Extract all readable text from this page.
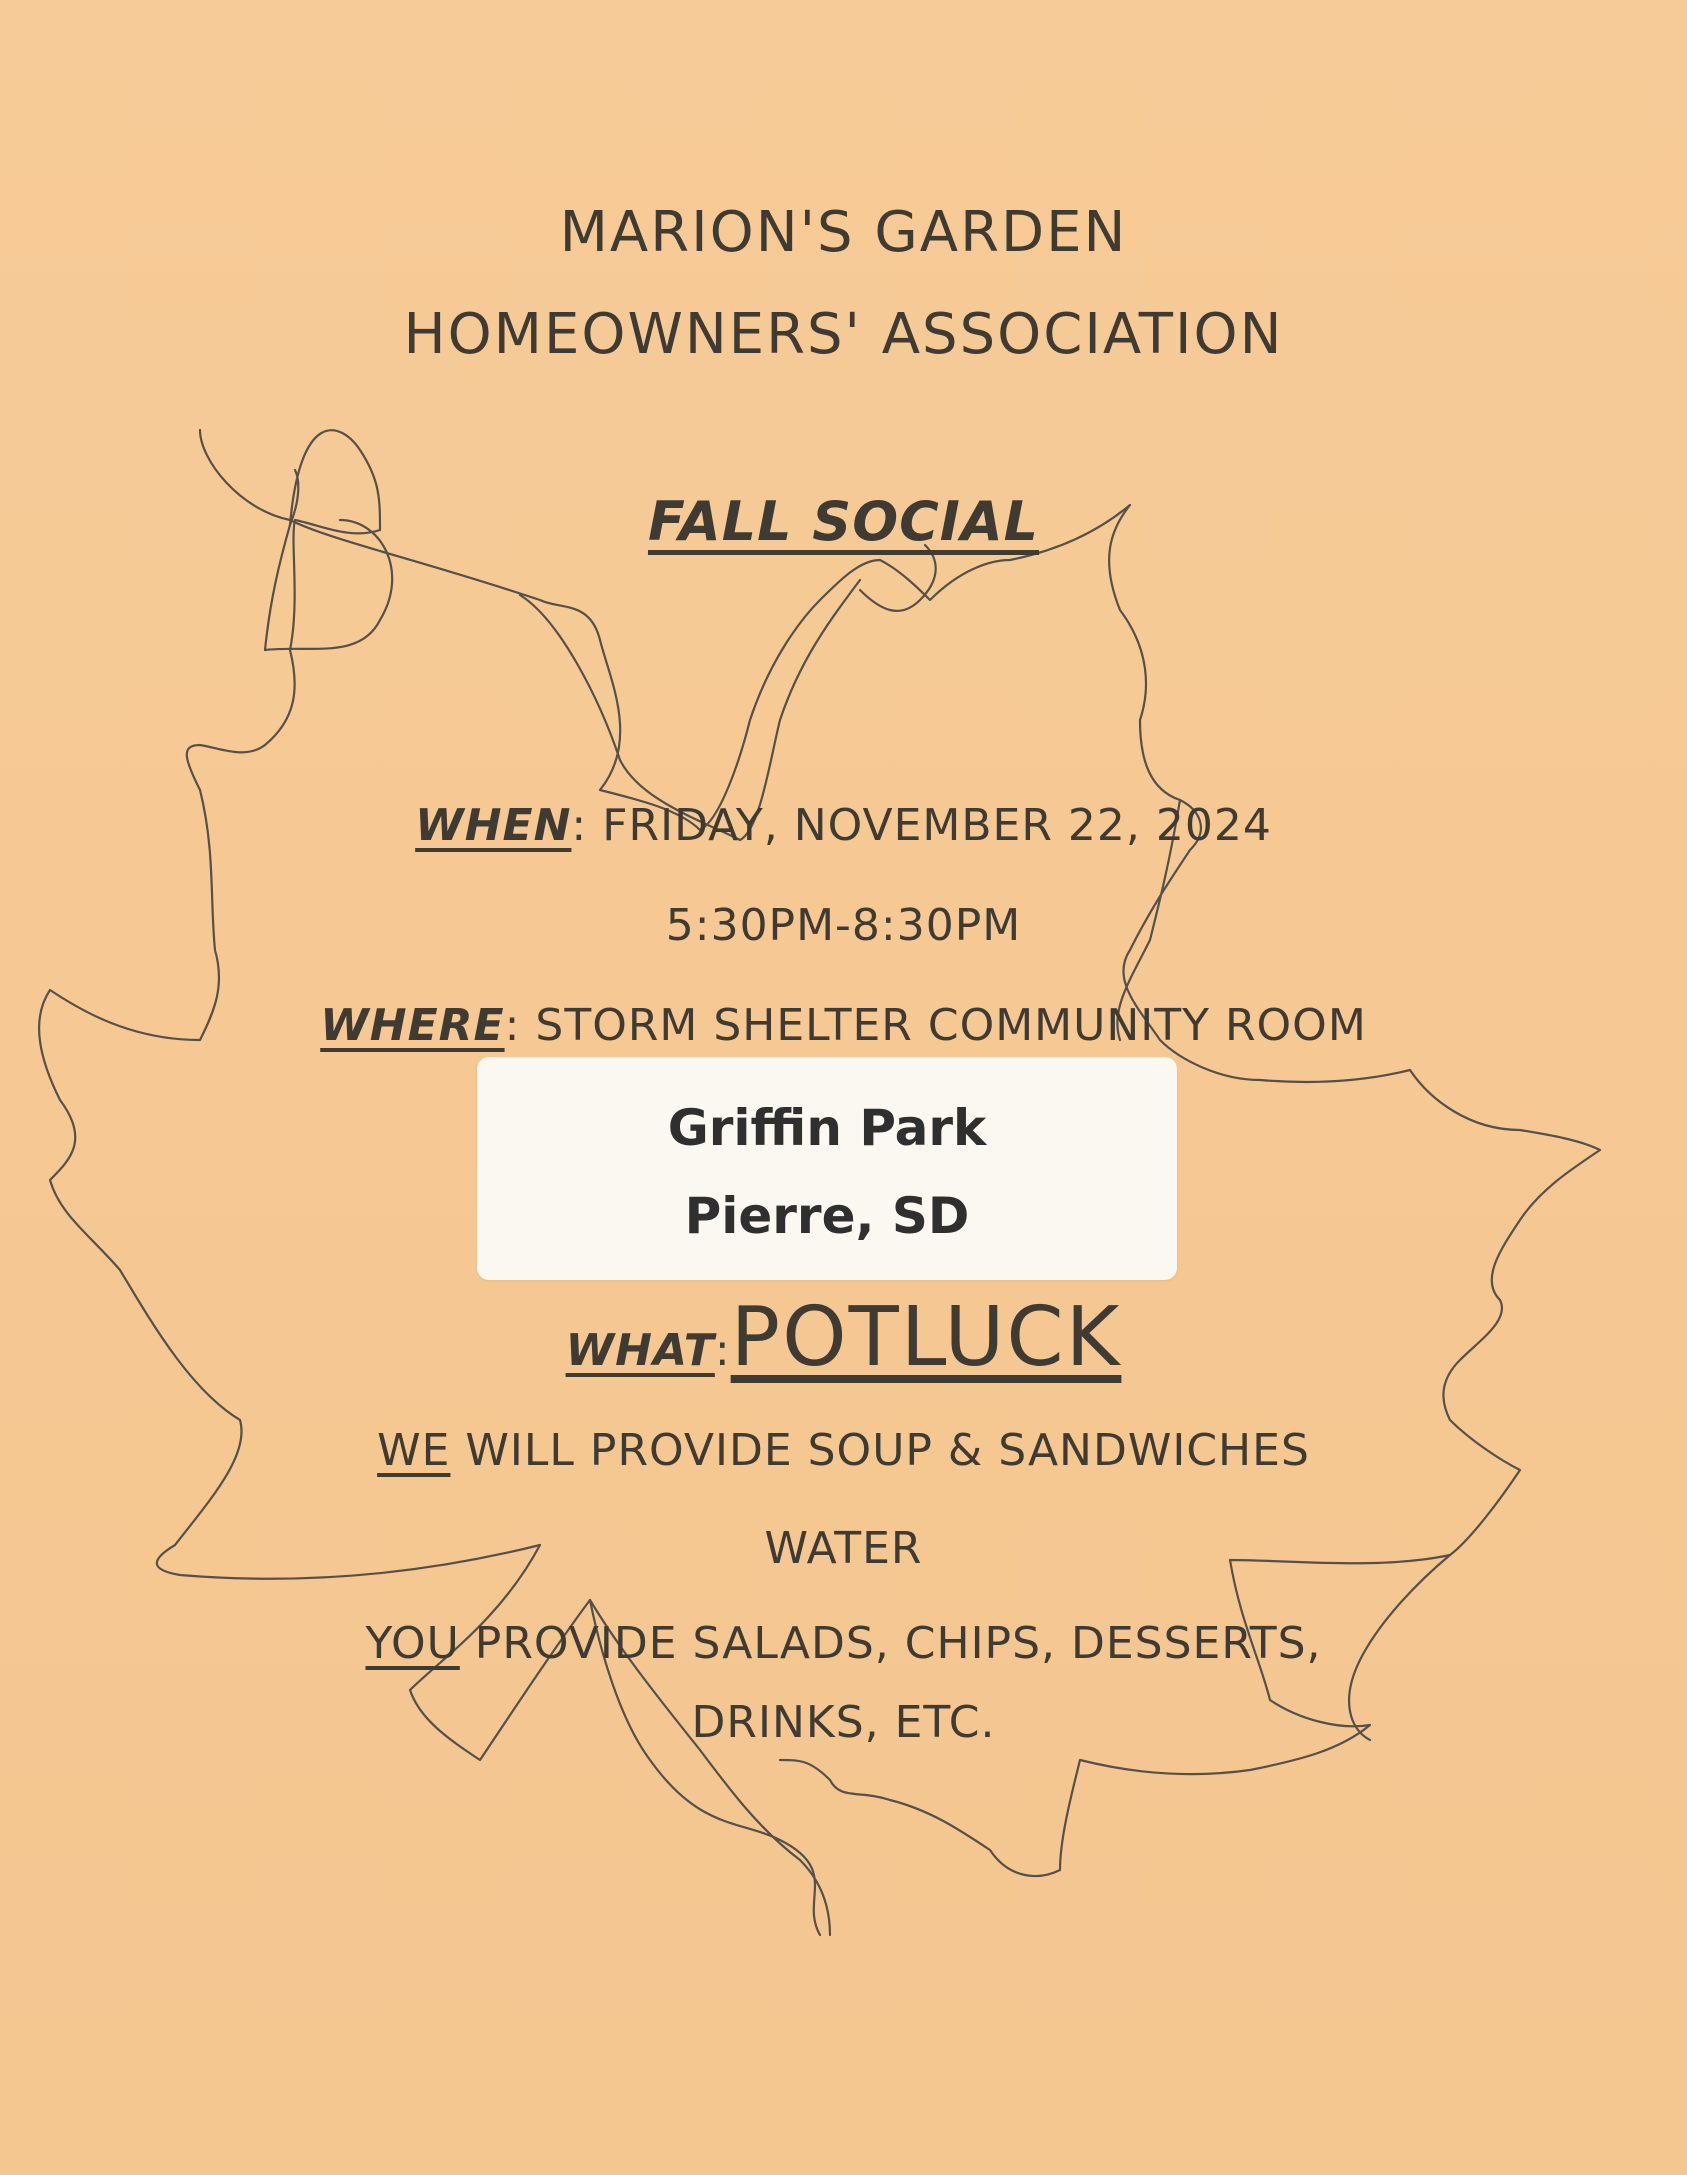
MARION'S GARDEN
HOMEOWNERS' ASSOCIATION
FALL SOCIAL
WHEN: FRIDAY, NOVEMBER 22, 2024
5:30PM-8:30PM
WHERE: STORM SHELTER COMMUNITY ROOM
Griffin Park
Pierre, SD
WHAT:POTLUCK
WE WILL PROVIDE SOUP & SANDWICHES
WATER
YOU PROVIDE SALADS, CHIPS, DESSERTS,
DRINKS, ETC.
